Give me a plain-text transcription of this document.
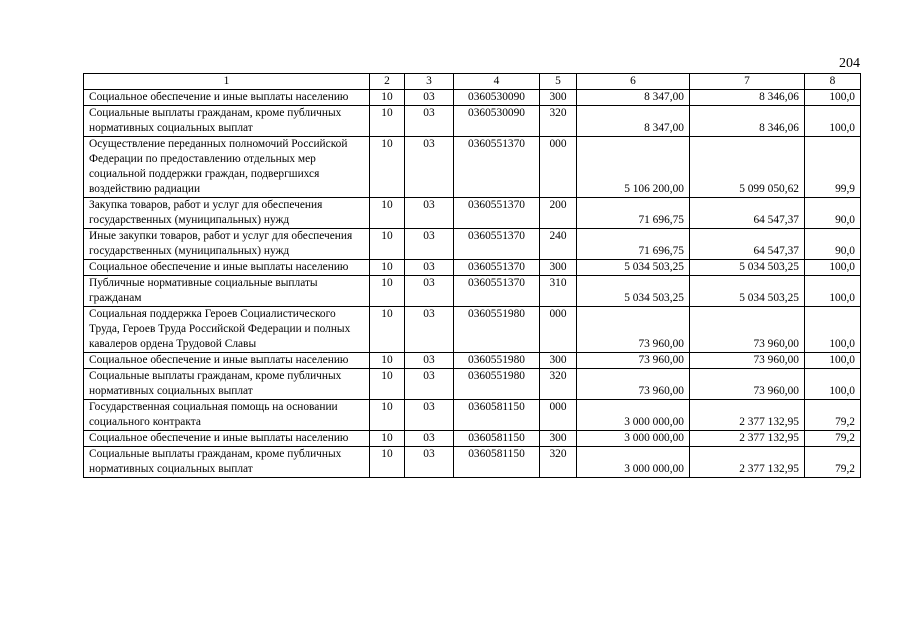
204
1	2	3	4	5	6	7	8
Социальное обеспечение и иные выплаты населению	10	03	0360530090	300	8 347,00	8 346,06	100,0
Социальные выплаты гражданам, кроме публичных нормативных социальных выплат	10	03	0360530090	320	8 347,00	8 346,06	100,0
Осуществление переданных полномочий Российской Федерации по предоставлению отдельных мер социальной поддержки граждан, подвергшихся воздействию радиации	10	03	0360551370	000	5 106 200,00	5 099 050,62	99,9
Закупка товаров, работ и услуг для обеспечения государственных (муниципальных) нужд	10	03	0360551370	200	71 696,75	64 547,37	90,0
Иные закупки товаров, работ и услуг для обеспечения государственных (муниципальных) нужд	10	03	0360551370	240	71 696,75	64 547,37	90,0
Социальное обеспечение и иные выплаты населению	10	03	0360551370	300	5 034 503,25	5 034 503,25	100,0
Публичные нормативные социальные выплаты гражданам	10	03	0360551370	310	5 034 503,25	5 034 503,25	100,0
Социальная поддержка Героев Социалистического Труда, Героев Труда Российской Федерации и полных кавалеров ордена Трудовой Славы	10	03	0360551980	000	73 960,00	73 960,00	100,0
Социальное обеспечение и иные выплаты населению	10	03	0360551980	300	73 960,00	73 960,00	100,0
Социальные выплаты гражданам, кроме публичных нормативных социальных выплат	10	03	0360551980	320	73 960,00	73 960,00	100,0
Государственная социальная помощь на основании социального контракта	10	03	0360581150	000	3 000 000,00	2 377 132,95	79,2
Социальное обеспечение и иные выплаты населению	10	03	0360581150	300	3 000 000,00	2 377 132,95	79,2
Социальные выплаты гражданам, кроме публичных нормативных социальных выплат	10	03	0360581150	320	3 000 000,00	2 377 132,95	79,2
